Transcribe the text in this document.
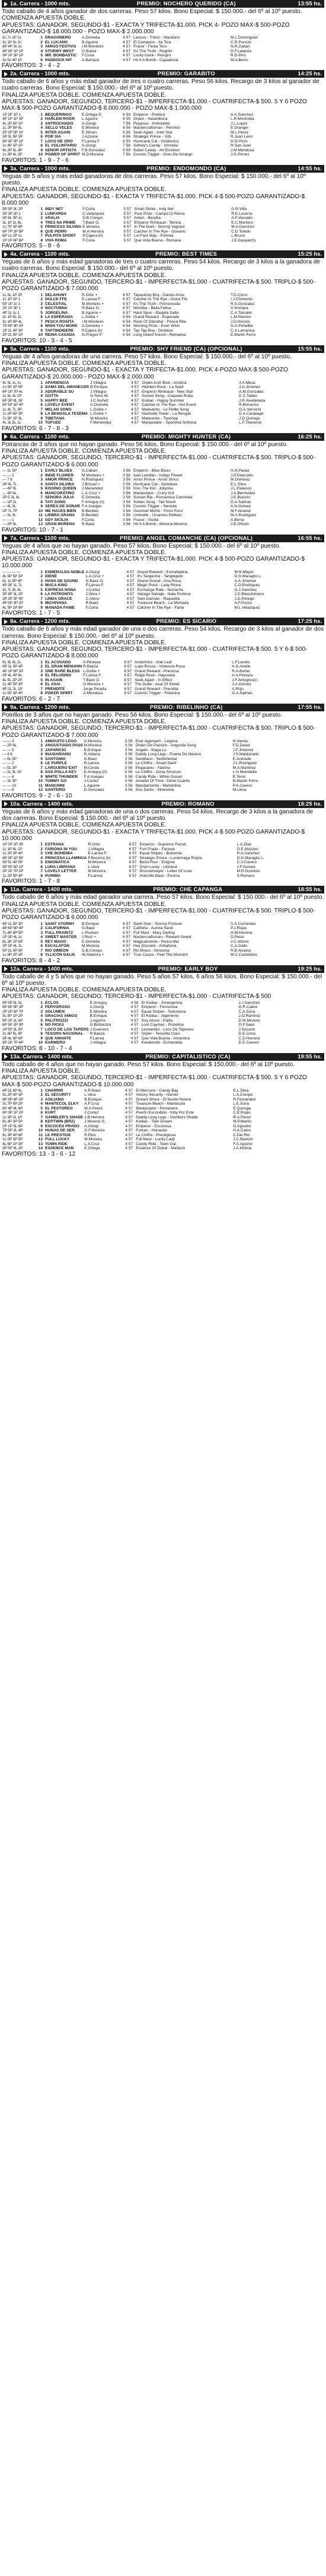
1a. Carrera - 1000 mts.	PREMIO: NOCHERO QUERIDO (CA)	13:55 hs.

Todo caballo de 4 años ganador de dos carreras. Peso 57 kilos. Bono Especial: $ 150.000.- del 6º al 10º puesto.

COMIENZA APUESTA DOBLE.

APUESTAS: GANADOR, SEGUNDO-$1 - EXACTA Y TRIFECTA-$1.000. PICK 4- POZO MAX-$ 500-POZO GARANTIZADO-$ 18.000.000 - POZO MAX-$ 2.000.000

5c 7c 1P 1c	1	DRAGONERO	A.Domelia	4 57	Lanceo - Trillon - Mandarin	M.L.Dominguez
3c 1P 5c 2c	2	EL LUCANO	B.Aguirre	4 57	El Campeon - Ita Tica	C.R.Poncini
8P 4P 3c 1c	3	AMIGO FESTIVO	I.M.Monteiro	4 57	Fracer - Festa Tess	N.R.Gaitan
4P 3P 1P 1P	4	STORMY WEST	G.Boeta	4 57	It's The Truth - Regrito	G.F.Lalanza
3P 1P 2P 1P	5	MR. BONBASTIC	F.Coria	4 57	Lucky Gank - Perrgini	R.D.Piris
3c 5c 4P 1P	6	PADDOCK HIT	A.Barraza	4 57	Hit It A Bomb - Capadocia	M.A.Berro
FAVORITOS: 3 - 4 - 2
2a. Carrera - 1000 mts.	PREMIO: GARABITO	14:25 hs.

Todo caballo de 6 años y más edad ganador de tres o cuatro carreras. Peso 56 kilos. Recargo de 3 kilos al ganador de cuatro carreras. Bono Especial: $ 150.000.- del 6º al 10º puesto.

FINALIZA APUESTA DOBLE. COMIENZA APUESTA DOBLE.

APUESTAS: GANADOR, SEGUNDO, TERCERO-$1 - IMPERFECTA-$1.000 - CUATRIFECTA-$ 500. 5 Y 6 POZO MAX-$ 500-POZO GARANTIZADO-$ 8.000.000 - POZO MAX-$ 1.000.000

1P 2P 1P 1	1	BEQUERINGO	E.Ortega P.	6 59	Emperor - Poetisa	A.A.Sanchez
4P 1P 1P 3P	2	HARLEM RIVER	L.Aguirre	6 59	Orpen - Harambura	L.R.Morinoba
4L 2P 6P 1P	3	ANTROCHADO	A.Giorgi	7 56	Pegasus - Irrefutable	J.L.Lopez
1L 2P 5P 6L	4	SELLO VELES	E.Moreira	6 56	Mastercraftsman - Permiso	E.Granger
2P 2P 5P 1P	5	INTER AGAIN	E.Simen	6 56	Seek Again - Inter Star	M.L.Perez
3P 3L 5P 3P	6	POR SIA	J.Azzone	6 56	Strategic Prince - Vrbi	R.Juan Leon
8P 3P 3P 1P	7	LOCO DE ORO	F.Larrea F.	6 59	Hurricane Cat - Goldesina	H.Di Pirro
1c 4P 1P 1P	8	EL VOLUNTARIO	A.Giorgi	7 56	Sidney's Candy - Vrimelia	R.San Juan
4L 2P 5L 4P	9	SEÑOR ARTISTA	F.B.Gonzalez	6 59	Safari Candy - Art Emotion	J.M.Mendoza
1c 3P 4L 2P	10	POWER OF SPIRIT	M.D.Moreira	7 56	Cosmic Trigger - Oreo De Amargo	J.G.Pirroni
FAVORITOS: 1 - 9 - 7 - 6
3a. Carrera - 1000 mts.	PREMIO: ENDOMONDO (CA)	14:55 hs.

Yeguas de 5 años y más edad ganadoras de dos carreras. Peso 57 kilos. Bono Especial: $ 150.000.- del 6º al 10º puesto.

FINALIZA APUESTA DOBLE. COMIENZA APUESTA DOBLE.

APUESTAS: GANADOR, SEGUNDO-$1 - EXACTA Y TRIFECTA-$1.000. PICK 4-$ 500-POZO GARANTIZADO-$ 8.000.000

5P 5P 3L 2P	1	INDY NET	F.Coria	5 57	Smart Strike - Indy Net	G.R.Villa
3P 3P 2P 1	2	LUNFARDA	C.Velazquez	5 57	Pure Prize - Campo Di Roma	R.E.Lucerra
3P 8L 3P 1c	3	ARALIA	D.B.Crespo	5 57	Ameri - Beryllia	A.F.Vassallo
3L 1P 2L 8L	4	TRES NA PRIME	T.Baez O.	5 57	Emperor Rimbaud - Tetrina	E.C.Montero
1c 7P 3P 8P	5	PRINCESA SILVINA	E.Moreira	6 57	In The Dark - Stormy Vagrant	M.A.Dominici
6P 7P 2P 5P	6	QUE PERRI	M.A.Herrera	5 57	Catcher In The Rye - Oceanic	C.D.Toledo
6P 1c 2P 1c	7	PULPITA SPORT	P.Cajera (h)	5 57	Lol Fast Way - Pulmita	L.Bruno
1P 1P 6P 8P	8	VIVA ROMA	F.Coria	5 57	Que Vida Buena - Romana	J.E.Gaspar(h)
FAVORITOS: 5 - 8 - 6
4a. Carrera - 1100 mts.	PREMIO: BEST TIMES	15:25 hs.

Yeguas de 6 años y más edad ganadoras de tres o cuatro carreras. Peso 54 kilos. Recargo de 3 kilos a la ganadora de cuatro carreras. Bono Especial: $ 150.000.- del 6º al 10º puesto.

FINALIZA APUESTA DOBLE. COMIENZA APUESTA DOBLE.

APUESTAS: GANADOR, SEGUNDO, TERCERO-$1 - IMPERFECTA-$1.000 - CUATRIFECTA-$ 500. TRIPLO-$ 500-POZO GARANTIZADO-$ 7.000.000

1L 5L 1P 2P	1	DELAHUNY	R.Ortiz +	6 57	Tapasticky Boy - Dando Amor	T.D.Corro
1L 1P 2P 1	2	DULCE FFE	E.Larrea F.	6 57	Catcher In The Rye - Dulce Ffe	I.J.Chimento
5P 1P 1c 1	3	CELESTIAL	M.Montero +	6 57	It's The Truth - Primorosida	R.A.Gonzalez
2P 1P 3P 1	4	NOCTURNA	R.Baez O.	6 57	Montiba - Bella Felisa	V.Vismara
4P 2c 1c 1	5	JORGELINA	B.Aguirre +	6 57	Hard Spun - Elegida Salte	C.A.Tamalet
2L 1P 4L 2L	6	LA ESPERADA	L.Goitia +	6 54	Grand Reward - Esperada	L.M.Ramon
3c 1P 6P 4L	7	PESCA ROSITA	I.M.Monteiro	6 54	Rock Of Gibraltar - Pesca Rita	J.D.Hornos
7P 6P 3P 2P	8	WISH YOU MORE	A.Domelia +	6 54	Winning Prize - Even Wish	G.A.Peñalba
1P 2L 4P 3P	9	TAPTINDIDERE	P.Cajera (h)	6 54	Tap Tap Boy - Dindiere	C.A.Lamanna
2P 2L 5P 1P	10	REINA CASADA	G.Pragos P.	6 54	Long Island Sound - Reinaeva	E.Martin Ferro
FAVORITOS: 10 - 3 - 4 - 5
5a. Carrera - 1100 mts.	PREMIO: SHY FRIEND (CA) (OPCIONAL)	15:55 hs.

Yeguas de 4 años ganadoras de una carrera. Peso 57 kilos. Bono Especial: $ 150.000.- del 6º al 10º puesto.

FINALIZA APUESTA DOBLE. COMIENZA APUESTA DOBLE.

APUESTAS: GANADOR, SEGUNDO-$1 - EXACTA Y TRIFECTA-$1.000. PICK 4-POZO MAX-$ 500-POZO GARANTIZADO-$ 20.000.000 - POZO MAX-$ 2.000.000

4L 5L 1L 1c	1	APARIENCIA	J.Villagra	4 57	Orpen Arch Bow - Aristica	J.A.Mesa
1c 5P 1P 9P	2	DAMA DEL AMANECER	B.Enrique	4 57	Heinlein Rock - La Spell	J.A.Jimenez
6P 1P 7P 4c	3	ADORABLE SU	J.Villagra	4 57	Emperor Rimbaud - New Star	A.M.Gonzalez
1L 6L 3L 2P	4	GOTTA	N.Tenis M.	4 57	Sunset Song - Coqueta Roda	E.C.Taden
6P 3P 8L 3P	5	HAPPY BEE	J.C.Nuñez	4 57	Kodiac - Happy Summer	J.R.Avellaneda
6P 5P 1P 4P	6	LOVELY EVENT	A.Domelia	4 57	Catcher In The Rye - Hot Event	R.Bonanno
1L 4L 7L 3P	7	MELAN SONG	L.Goitia +	4 57	Malevento - Le Petite Song	O.A.Verruchi
1c 2P 5P 3P	8	LA BENGALA TESEMA	L.Goitia +	4 57	Nashville Tower - La Bengali	D.A.Carabajal
7c 5P 1P 3L	9	TIBETANA	M.Moreira	4 57	Malevento - Topshop	J.D.Quiroga
4L 3L 5L 1L	10	TOFUEE	F.Menendez	4 57	Manipulator - Sportima Sinfonia	L.F.Thevenot
FAVORITOS: 6 - 7 - 8 - 3
6a. Carrera - 1100 mts.	PREMIO: MIGHTY HUNTER (CA)	16:25 hs.

Potrancas de 3 años que no hayan ganado. Peso 56 kilos. Bono Especial: $ 150.000.- del 6º al 10º puesto.

FINALIZA APUESTA DOBLE. COMIENZA APUESTA DOBLE.

APUESTAS: GANADOR, SEGUNDO, TERCERO-$1 - IMPERFECTA-$1.000 - CUATRIFECTA-$ 500. TRIPLO-$ 500-POZO GARANTIZADO-$ 6.000.000

— 1L 5P	1	EARLY BLUES	D.Caban	3 56	Emperor - Blue Blues	H.N.Pavez
— — 2	2	INDIE FLOWER	M.Monteiro +	3 56	Ivan Lendlan - Indigo Flower	J.P.Giancolio
— 7 8	3	AMOR PRINCE	N.Rodriguez	3 56	Amor Prince - Amor Sinco	M.Dominici
3P 4L 7L	4	SANTA SILVINA	J.Brizuel +	3 56	Hurricane Cat - Santalvia	E.L.Silva
— 4P 9L	5	KISSING QUEEN	J.Menendez	3 56	Kiss The Kid - Jollyone	J.L.Palacios
— 4P 6L	6	MANCORATINO	L.A.Cruz +	3 56	Manipulator - Curry Gril	J.A.Bermudez
2P 5 3L 4L	7	SEÑORA JULIA	E.Domelia	3 56	Sunset Rip - Romantica Caminata	J.E.Bianchi
— 1P 2L	8	TATI SONG	F.Arreguy (h)	3 56	Sixties Song - Tati Novel	G.A.Salinas
— 4L 3L	9	SERES DE SOÑAR	F.A.Iruegas	3 56	Cosmic Trigger - Sereida	A.N.Gomez
2P 7L 7P	10	ME HACES BIEN	B.Benitez	3 56	Gourmet Mortis - Porsi Porsi	M.F.Alvarez
— 3L 3L	11	LIEBRA GRANA	B.Benitez	3 56	Untinelle - Ursamos Pelikan	M.A.Rodriguez
— — 1	12	SOY SICILIA	F.Coria	3 56	Fracer - Sicilia	A.Berra
— 2P 8L	13	GRAN MORENA	R.Baez	3 56	Hit It A Bomb - Morena Morena	J.E.Ghosh
FAVORITOS: 10 - 7 - 1
7a. Carrera - 1100 mts.	PREMIO: ANGEL COMANCHE (CA) (OPCIONAL)	16:55 hs.

Yeguas de 4 años que no hayan ganado. Peso 57 kilos. Bono Especial: $ 150.000.- del 6º al 10º puesto.

FINALIZA APUESTA DOBLE. COMIENZA APUESTA DOBLE.

APUESTAS: GANADOR, SEGUNDO-$1 - EXACTA Y TRIFECTA-$1.000. PICK 4-$ 500-POZO GARANTIZADO-$ 10.000.000

— — — —	1	ESMERALDA NOBLE	A.Giorgi	4 57	Grand Reward - Esmaltadina	M.N.Mayer
4L 6P 5P 3P	2	DIENE	L.A.Cruz +	4 57	It's Tangerine - Tanglegold	D.G.Maraglio L.
6L 1c 5P 4P	3	HANA DE SOUND	G.Baez O.	4 57	Grand Sound - Ana Rosa	A.A.Jimenez
4P 3P 1L 7L	4	MUCA KING	F.Larrea F.	4 57	Magic Rock - Lady Rinna	C.D.Rodriguez
3L 7L 8L 4L	5	EXPRESS NONA	J.Cortez	4 57	Exchange Rate - Nonacha	O.J.Sanchez
3P 4P 3L 2P	6	LA PATRONITA	J.Silva +	4 57	Vazago Salvaje - Nata Portena	J.C.Blanchimano
2P 3P 3P 5P	7	LINDA GRACE	C.Aleno	4 57	Sam Damian - Raquelita	J.G.Perego
4P 5P 3P 2P	8	MICHIVANA	R.Baez	4 57	Treasure Beach - La Michada	A.F.Pozzo
4L 5P 1P 9P	9	MAÑADA FANIE	F.Coria	4 57	Catcher In The Rye - Fanie	M.L.Velazquez
FAVORITOS: 1 - 7 - 5
8a. Carrera - 1200 mts.	PREMIO: ES SICARIO	17:25 hs.

Todo caballo de 6 años y más edad ganador de una o dos carreras. Peso 54 kilos. Recargo de 3 kilos al ganador de dos carreras. Bono Especial: $ 150.000.- del 6º al 10º puesto.

FINALIZA APUESTA DOBLE. COMIENZA APUESTA DOBLE.

APUESTAS: GANADOR, SEGUNDO, TERCERO-$1 - IMPERFECTA-$1.000 - CUATRIFECTA-$ 500. 5 Y 6-$ 500-POZO GARANTIZADO-$ 8.000.000

6L 3L 6L 2L	1	EL ACOSADO	A.Pereyra	6 57	Andorinho - Oak Leaf	L.F.Leceto
8P 2L 5P 4P	2	EL GRAN MENUHIN	R.Baeza	6 57	Lupo Rosso - Violencia Rosa	A.G.Anello
4P 1P 6P 2P	3	ONE RARE BLESS	L.Goitia +	6 57	Grand Reward - Preciosa	R.A.Burbo
3P 4L 4P 6L	4	EL PELUDINO	F.Larrea F.	6 57	Ridge Rock - Hayuneta	A.A.Pereyra
4L 5L 2P 2P	5	IN AGAIN	T.Baez O.	6 57	Seek Again - In Effect	J.F.Antognozzi
2L 4P 5P 3P	6	EL ASAI	G.Moreira +	6 57	The Dude - Asai Of Street	J.A.Gomez
4P 2L 3L 1P	7	PRENDITE	Jorge Peralta	6 57	Grand Reward - Prendita	A.Rojo
1c 5P 3P 4P	8	POKER SPIRIT	A.Mendoza	6 57	Cosmic Trigger - Pokerina	G.A.Salinas
FAVORITOS: 6 - 2 - 7
9a. Carrera - 1200 mts.	PREMIO: RIBELINHO (CA)	17:55 hs.

Potrillos de 3 años que no hayan ganado. Peso 56 kilos. Bono Especial: $ 150.000.- del 6º al 10º puesto.

FINALIZA APUESTA DOBLE. COMIENZA APUESTA DOBLE.

APUESTAS: GANADOR, SEGUNDO, TERCERO-$1 - IMPERFECTA-$1.000 - CUATRIFECTA-$ 500. TRIPLO-$ 500-POZO GARANTIZADO-$ 7.000.000

— — 3	1	AMIGUITO LEGO	G.Moreira	3 56	Ever Approach - Legona	H.Varela
— 2P 6L	2	ANGUSTIADO PASS	M.Moreira	3 56	Orden De Passion - Angustia Song	F.D.David
— — 5	3	JAPARICIO	B.Enrique	3 56	Angelo - Ihaga Lu	J.F.Jimenez
— 4 8	4	INASIARIANO	R.Aldana	3 56	Daddy Long Legs - Puerta De Nevera	J.S.Maldonado
— 6L 5P	5	SANTONIO	G.Baez	3 56	Santillano - Sentimental	E.Andrade
— — 2	6	LE PURPLE	R.Larrea	3 56	Le Chiffre - Smart Saint	J.L.Rodriguez
— 5L 3P	7	LARGUERO EXIT	M.Cerda	3 56	Pegasiano - Yakima	M.A.Martinez
— 2L 3L 1P	8	SOS POLLA KEY	E.Arreguy (h)	3 56	Le Chiffre - Dona Smorum	L.H.Mombello
— — 4	9	WHITE THUNDER	F.A.Iruegas	3 56	Candy Ride - White Ocean	E.Tenis
— 3L 5P	10	TOMMY GO	J.Cortez	3 56	Amadei Of Time - Dime Cuanto	N.Martin Ferro
— — 10	11	MANCHINI	L.Aguirre	3 56	Mandamiento - Mandolina	P.A.Cavero
— — 6	12	SANTERIO	D.Gonzalez	3 56	Sou Santo - Silvestrila	M.Leiva
FAVORITOS: 9 - 2 - 6 - 10
10a. Carrera - 1400 mts.	PREMIO: ROMANO	18:25 hs.

Yeguas de 6 años y más edad ganadoras de una o dos carreras. Peso 54 kilos. Recargo de 3 kilos a la ganadora de dos carreras. Bono Especial: $ 150.000.- del 6º al 10º puesto.

FINALIZA APUESTA DOBLE. COMIENZA APUESTA DOBLE.

APUESTAS: GANADOR, SEGUNDO-$1 - EXACTA Y TRIFECTA-$1.000. PICK 4-$ 500-POZO GARANTIZADO-$ 10.000.000

1P 2P 1P 3P	1	ESTRANA	R.Ortiz	6 57	Emperor - Supremo Parcel	L.A.Diaz
1L 1P 4L 1P	2	FARIONA IN YOU	J.Villagra	6 57	Fort Prado - Fariona	O.E.Mazzeo
1c 1P 3P 4P	3	CHE BOHEMIA	E.Larrea F.	6 57	Equal Stripes - Bohemia	R.A.Sanchez
4P 3P 1P 5P	4	PRINCESA LLAMINGA	F.Becerra (h)	6 57	Strategic Prince - Luciernaga Rojiza	D.G.Maraglio L.
5P 5L 4P 5P	5	ENIGMATICA	M.Moreira	6 57	Bend Pour - Enigma	C.V.Cavero
3P 5P 5P 1P	6	LUNA LIBRIANA	L.Vera	6 57	Gran Lucky - Libriana	J.F.Gomez
2P 1P 7P 2P	7	LOVELY LETTER	M.Moreira	6 57	Drosselmeyer - Letter Of Love	M.R.Dominici
1L 2P 5P 4P	8	PURIMA	F.Larrea	6 57	Hold Me Back - Purima	S.Romero
FAVORITOS: 1 - 7 - 8
11a. Carrera - 1400 mts.	PREMIO: CHE CAPANGA	18:55 hs.

Todo caballo de 6 años y más edad ganador una carrera. Peso 57 kilos. Bono Especial: $ 150.000.- del 6º al 10º puesto.

FINALIZA APUESTA DOBLE. COMIENZA APUESTA DOBLE.

APUESTAS: GANADOR, SEGUNDO, TERCERO-$1 - IMPERFECTA-$1.000 - CUATRIFECTA-$ 500. TRIPLO-$ 500-POZO GARANTIZADO-$ 6.000.000

4P 2L 5P 3P	1	SAINT STORMY	B.Enrique	6 57	Saint Stan - Stormy Fortune	S.S.Corrientes
4P 6P 5P 4P	2	CALIFORNIA	G.Baez	6 57	Califoria - Aurora Sand	P.J.Rojas
7L 4P 6P 5P	3	FULL PRAINTZ	L.Pucheri	6 57	Full Mast - Mary Darling	H.M.Herrera
1P 3P 4L 1c	4	SWEET MASTER	J.Ruiz +	6 57	Mastercraftsman - Reward Sweet	D.Pena
8L 3P 2P 5P	5	REY MAGO	E.Domelia	6 57	Magicalmente - Reina Mia	J.C.Altorin
3P 2P 4L 2L	6	ESCALAFON	M.Moreira	6 57	Hey Discrete - Antiafonia	C.A.Gallo
5P 2L 5P 6P	7	RIO SIMEON	D.B.Crespo	6 57	Rio Bravo - Simeona	R.B.Alvarez
1c 8P 2P 3P	8	YLLICON DALIS	W.Altamira +	6 57	True Cause - Feel The Moment	M.C.Castellano
FAVORITOS: 8 - 4 - 2
12a. Carrera - 1400 mts.	PREMIO: EARLY BOY	19:25 hs.

Todo caballo de 4 y 5 años que no hayan ganado. Peso 5 años 57 kilos, 6 años 56 kilos. Bono Especial: $ 150.000.- del 6º al 10º puesto.

FINALIZA APUESTA DOBLE. COMIENZA APUESTA DOBLE.

APUESTAS: GANADOR, SEGUNDO, TERCERO-$1 - IMPERFECTA-$1.000 - CUATRIFECTA-$ 500

8P 5P 5L 5L	1	ECLOS	E.Arreguy	4 56	El Kodiac - Emergencia	J.J.Sanchez
6P 6P 5P 3P	2	FERVOROSO	A.Giorgi	4 57	Emperor - Fervorosa	G.R.Calesi
2P 2P 5P 7P	3	SOLUMEN	E.Moreira	4 57	Equal Stripes - Solumeria	C.A.Sosa
9L 5P 1P 2P	4	GRACIAS AMIGO	B.Enrique	4 57	El Kodiac - Algenemo	J.O.Ramirez
6P 2P 2L 6P	5	PALITROZZI	J.Aguirre	4 57	Soy Ahora - Palito	D.M.Moreno
6P 5P 2P 3P	6	NO PICKS	G.Bottanzini	4 57	Lord Caymas - Pickelina	O.F.Saez
1P 5P 3L 5P	7	LOCO DE LOS TAPERS	J.Guerrero	4 57	Leonardini - Loco De Tapones	J.Gosmin
2L 6P 5L 4P	8	TESORO NACIONAL	R.Baeza	4 57	Orpen - Tesorilla Clasi	D.E.Cirna
3P 4L 6P 6P	9	QUE AMANTE	F.Larrea	4 57	Que Vida Buena - Amantina	C.D.Herrera
8P 2P 7P 4P	10	KARMERO	J.Villagra	4 57	Karakontie - Esmeralda	D.E.Cavero
FAVORITOS: 8 - 10 - 7 - 4
13a. Carrera - 1400 mts.	PREMIO: CAPITALISTICO (CA)	19:55 hs.

Todo caballo de 4 años que no hayan ganado. Peso 57 kilos. Bono Especial: $ 150.000.- del 6º al 10º puesto.

FINALIZA APUESTA DOBLE.

APUESTAS: GANADOR, SEGUNDO, TERCERO-$1 - IMPERFECTA-$1.000 - CUATRIFECTA-$ 500. 5 Y 6 POZO MAX-$ 500-POZO GARANTIZADO-$ 10.000.000

4P 2L 6P 6L	1	CHARRIR	A.R.Baez	4 57	El Mercurio - Candy Bay	E.L.Silva
5L 2P 4P 3P	2	EL SECURITY	L.Vera	4 57	Victory Security - Harrier	L.A.Crespo
8P 3P 4P 2P	3	ASILIANO	B.Enrique	4 57	Distant Shore - El Kestel Nowra	R.Fernandez
3L 7P 5P 2P	4	MANTECOL ELKY	A.F.Cruz	4 57	Treasure Beach - Mantecola	L.E.Sosa
8P 4P 8L 6P	5	EL PESTOREO	M.A.Perez	4 57	Manipulator - Pestanera	E.Quiroga
6P 3P 1P 2P	6	KURT	J.Cortez	4 57	Puerto Escondido - Kitty Por Este	C.E.Rojas
1c 3P 2L 1P	7	GAMBLER'S SHADE	J.B.Herrera	4 57	Daddy Long Legs - Gamba's Shade	R.A.Perez
8L 4P 3P 5P	8	KEPTWIN (BRZ)	J.Moreno G.	4 57	Kodiac - Twin Dream	M.P.Martin
2P 1P 5L 6P	9	ESCOCES PRADO	A.Giorgi	4 57	Emperor - Escocesa	G.Agostini
7P 5P 2L 4P	10	HUNAS DE SER	G.F.Moreira	4 57	Forkan - Hunasita	H.A.Calvo
6L 3P 4P 8P	11	LE PRESTIGE	R.Rios	4 57	Le Chiffre - Prestigiosa	C.Del Rio
1c 2P 3P 5P	12	FULL LUCKY	M.Moreira	4 57	Full Mast - Lucky Lady	J.C.Bianchi
4L 6P 1P 3P	13	TOWN RIDE	L.A.Cruz	4 57	Candy Ride - Town Gal	F.A.Aguirre
3P 5P 6L 2P	14	ESSENCE MAN	E.Ortega	4 57	Essence Of Dubai - Mañana	J.A.Molina
FAVORITOS: 13 - 3 - 6 - 12
